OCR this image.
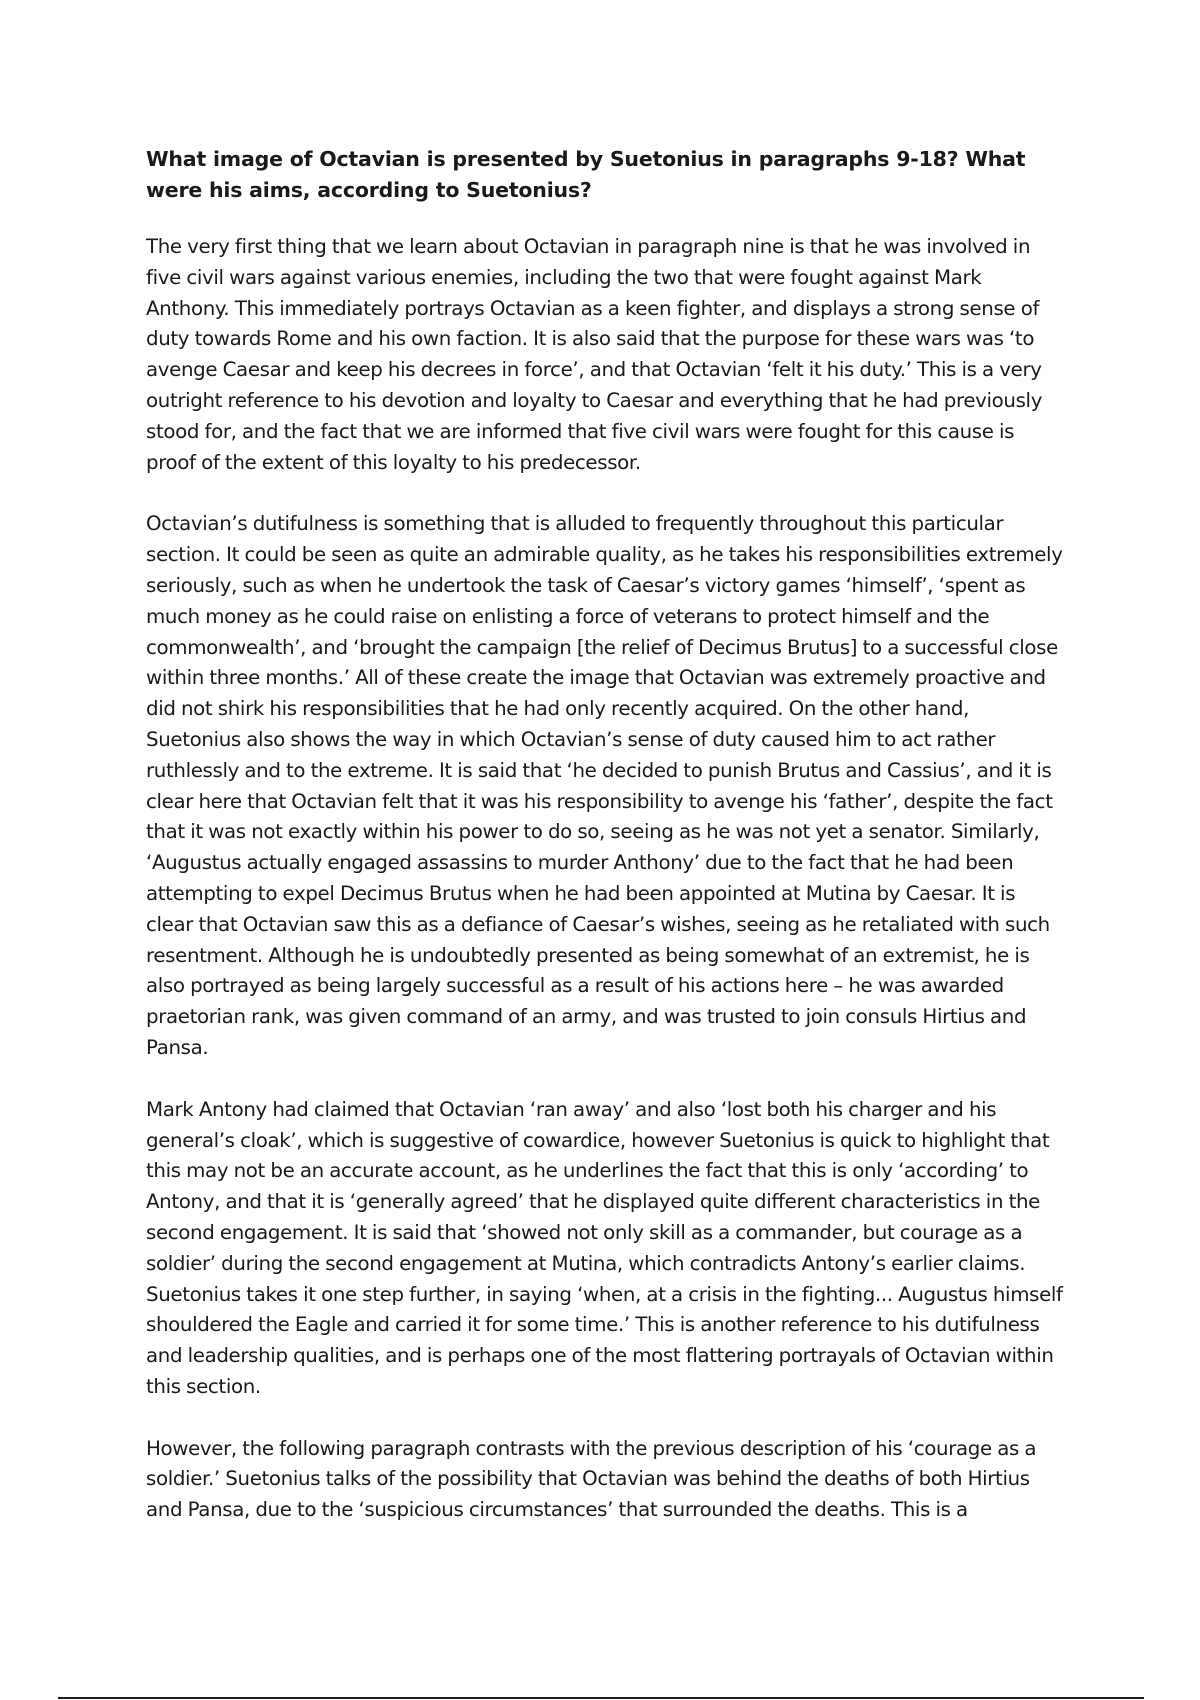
What image of Octavian is presented by Suetonius in paragraphs 9-18? What were his aims, according to Suetonius?

The very first thing that we learn about Octavian in paragraph nine is that he was involved in five civil wars against various enemies, including the two that were fought against Mark Anthony. This immediately portrays Octavian as a keen fighter, and displays a strong sense of duty towards Rome and his own faction. It is also said that the purpose for these wars was ‘to avenge Caesar and keep his decrees in force’, and that Octavian ‘felt it his duty.’ This is a very outright reference to his devotion and loyalty to Caesar and everything that he had previously stood for, and the fact that we are informed that five civil wars were fought for this cause is proof of the extent of this loyalty to his predecessor.

Octavian’s dutifulness is something that is alluded to frequently throughout this particular section. It could be seen as quite an admirable quality, as he takes his responsibilities extremely seriously, such as when he undertook the task of Caesar’s victory games ‘himself’, ‘spent as much money as he could raise on enlisting a force of veterans to protect himself and the commonwealth’, and ‘brought the campaign [the relief of Decimus Brutus] to a successful close within three months.’ All of these create the image that Octavian was extremely proactive and did not shirk his responsibilities that he had only recently acquired. On the other hand, Suetonius also shows the way in which Octavian’s sense of duty caused him to act rather ruthlessly and to the extreme. It is said that ‘he decided to punish Brutus and Cassius’, and it is clear here that Octavian felt that it was his responsibility to avenge his ‘father’, despite the fact that it was not exactly within his power to do so, seeing as he was not yet a senator. Similarly, ‘Augustus actually engaged assassins to murder Anthony’ due to the fact that he had been attempting to expel Decimus Brutus when he had been appointed at Mutina by Caesar. It is clear that Octavian saw this as a defiance of Caesar’s wishes, seeing as he retaliated with such resentment. Although he is undoubtedly presented as being somewhat of an extremist, he is also portrayed as being largely successful as a result of his actions here – he was awarded praetorian rank, was given command of an army, and was trusted to join consuls Hirtius and Pansa.

Mark Antony had claimed that Octavian ‘ran away’ and also ‘lost both his charger and his general’s cloak’, which is suggestive of cowardice, however Suetonius is quick to highlight that this may not be an accurate account, as he underlines the fact that this is only ‘according’ to Antony, and that it is ‘generally agreed’ that he displayed quite different characteristics in the second engagement. It is said that ‘showed not only skill as a commander, but courage as a soldier’ during the second engagement at Mutina, which contradicts Antony’s earlier claims. Suetonius takes it one step further, in saying ‘when, at a crisis in the fighting... Augustus himself shouldered the Eagle and carried it for some time.’ This is another reference to his dutifulness and leadership qualities, and is perhaps one of the most flattering portrayals of Octavian within this section.

However, the following paragraph contrasts with the previous description of his ‘courage as a soldier.’ Suetonius talks of the possibility that Octavian was behind the deaths of both Hirtius and Pansa, due to the ‘suspicious circumstances’ that surrounded the deaths. This is a
